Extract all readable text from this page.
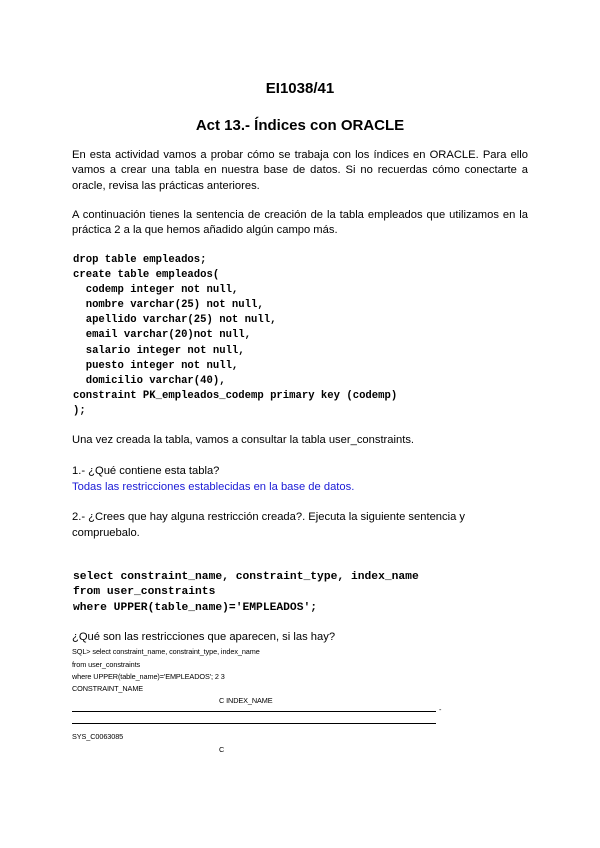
EI1038/41
Act 13.- Índices con ORACLE
En esta actividad vamos a probar cómo se trabaja con los índices en ORACLE. Para ello vamos a crear una tabla en nuestra base de datos. Si no recuerdas cómo conectarte a oracle, revisa las prácticas anteriores.
A continuación tienes la sentencia de creación de la tabla empleados que utilizamos en la práctica 2 a la que hemos añadido algún campo más.
drop table empleados;
create table empleados(
codemp integer not null,
nombre varchar(25) not null,
apellido varchar(25) not null,
email varchar(20)not null,
salario integer not null,
puesto integer not null,
domicilio varchar(40),
constraint PK_empleados_codemp primary key (codemp)
);
Una vez creada la tabla, vamos a consultar la tabla user_constraints.
1.- ¿Qué contiene esta tabla?
Todas las restricciones establecidas en la base de datos.
2.- ¿Crees que hay alguna restricción creada?. Ejecuta la siguiente sentencia y
compruebalo.
select constraint_name, constraint_type, index_name
from user_constraints
where UPPER(table_name)='EMPLEADOS';
¿Qué son las restricciones que aparecen, si las hay?
SQL> select constraint_name, constraint_type, index_name
from user_constraints
where UPPER(table_name)='EMPLEADOS'; 2 3
CONSTRAINT_NAME
C INDEX_NAME
-
SYS_C0063085
C
